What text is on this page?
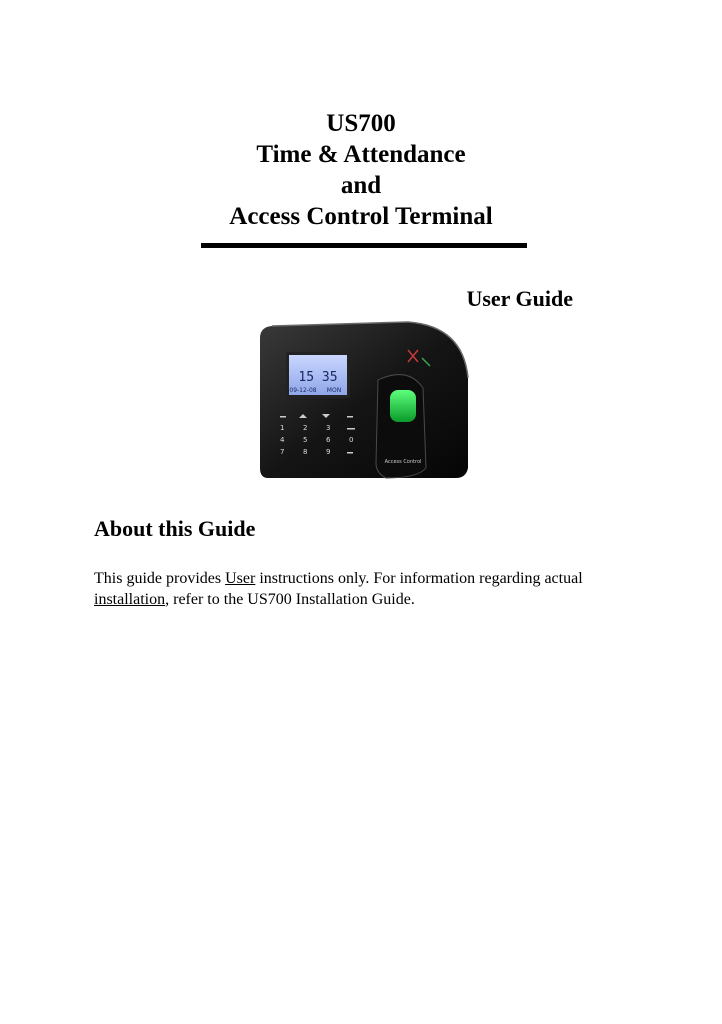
US700
Time & Attendance
and
Access Control Terminal
User Guide
15 35
09-12-08 MON
1	2	3
4	5	6
7	8	9
0
Access Control
About this Guide

This guide provides User instructions only. For information regarding actual installation, refer to the US700 Installation Guide.
